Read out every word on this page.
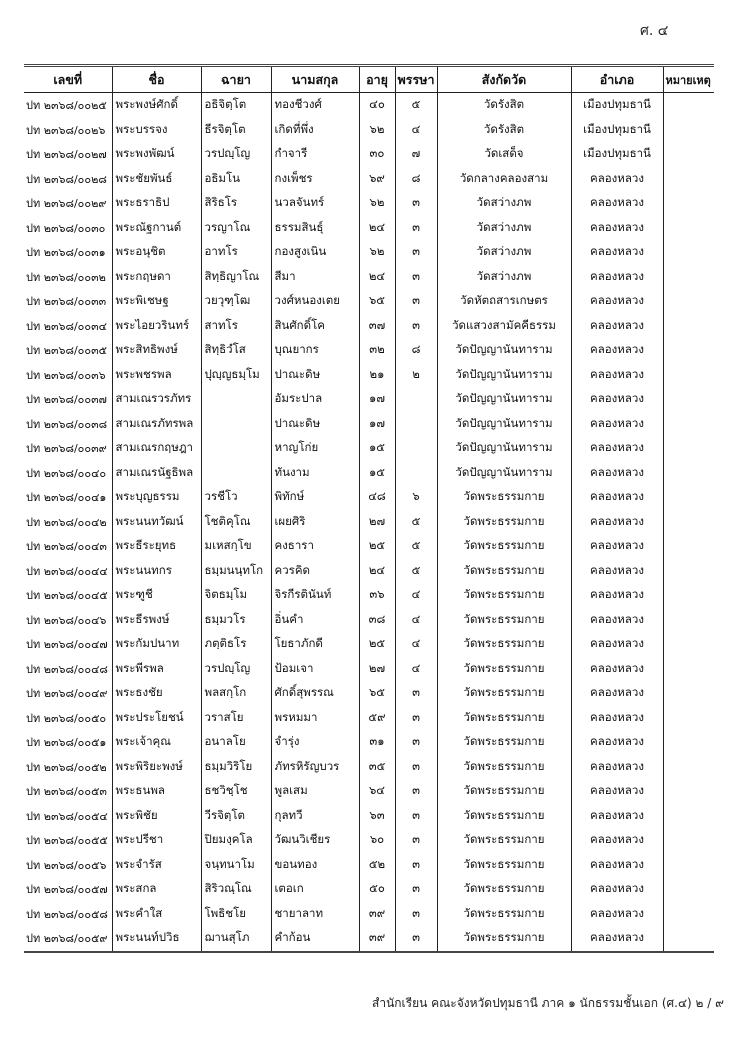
ศ. ๔
เลขที่	ชื่อ	ฉายา	นามสกุล	อายุ	พรรษา	สังกัดวัด	อำเภอ	หมายเหตุ
ปท ๒๓๖๘/๐๐๒๕	พระพงษ์ศักดิ์	อธิจิตฺโต	ทองชีวงศ์	๔๐	๕	วัดรังสิต	เมืองปทุมธานี	
ปท ๒๓๖๘/๐๐๒๖	พระบรรจง	ธีรจิตฺโต	เกิดที่พึ่ง	๖๒	๔	วัดรังสิต	เมืองปทุมธานี	
ปท ๒๓๖๘/๐๐๒๗	พระพงพัฒน์	วรปญฺโญ	กำจารี	๓๐	๗	วัดเสด็จ	เมืองปทุมธานี	
ปท ๒๓๖๘/๐๐๒๘	พระชัยพันธ์	อธิมโน	กงเพ็ชร	๖๙	๘	วัดกลางคลองสาม	คลองหลวง	
ปท ๒๓๖๘/๐๐๒๙	พระธราธิป	สิริธโร	นวลจันทร์	๖๒	๓	วัดสว่างภพ	คลองหลวง	
ปท ๒๓๖๘/๐๐๓๐	พระณัฐกานต์	วรญาโณ	ธรรมสินธุ์	๒๔	๓	วัดสว่างภพ	คลองหลวง	
ปท ๒๓๖๘/๐๐๓๑	พระอนุชิต	อาทโร	กองสูงเนิน	๖๒	๓	วัดสว่างภพ	คลองหลวง	
ปท ๒๓๖๘/๐๐๓๒	พระกฤษดา	สิทฺธิญาโณ	สีมา	๒๔	๓	วัดสว่างภพ	คลองหลวง	
ปท ๒๓๖๘/๐๐๓๓	พระพิเชษฐ	วยวุฑฺโฒ	วงศ์หนองเตย	๖๕	๓	วัดหัตถสารเกษตร	คลองหลวง	
ปท ๒๓๖๘/๐๐๓๔	พระไอยวรินทร์	สาทโร	สินศักดิ์โค	๓๗	๓	วัดแสวงสามัคคีธรรม	คลองหลวง	
ปท ๒๓๖๘/๐๐๓๕	พระสิทธิพงษ์	สิทฺธิวํโส	บุณยากร	๓๒	๘	วัดปัญญานันทาราม	คลองหลวง	
ปท ๒๓๖๘/๐๐๓๖	พระพชรพล	ปุญฺญธมฺโม	ปาณะดิษ	๒๑	๒	วัดปัญญานันทาราม	คลองหลวง	
ปท ๒๓๖๘/๐๐๓๗	สามเณรวรภัทร		อัมระปาล	๑๗		วัดปัญญานันทาราม	คลองหลวง	
ปท ๒๓๖๘/๐๐๓๘	สามเณรภัทรพล		ปาณะดิษ	๑๗		วัดปัญญานันทาราม	คลองหลวง	
ปท ๒๓๖๘/๐๐๓๙	สามเณรกฤษฎา		หาญโก่ย	๑๕		วัดปัญญานันทาราม	คลองหลวง	
ปท ๒๓๖๘/๐๐๔๐	สามเณรนัฐธิพล		ทันงาม	๑๕		วัดปัญญานันทาราม	คลองหลวง	
ปท ๒๓๖๘/๐๐๔๑	พระบุญธรรม	วรชีโว	พิทักษ์	๔๘	๖	วัดพระธรรมกาย	คลองหลวง	
ปท ๒๓๖๘/๐๐๔๒	พระนนทวัฒน์	โชติคุโณ	เผยศิริ	๒๗	๕	วัดพระธรรมกาย	คลองหลวง	
ปท ๒๓๖๘/๐๐๔๓	พระธีระยุทธ	มเหสกฺโข	คงธารา	๒๕	๕	วัดพระธรรมกาย	คลองหลวง	
ปท ๒๓๖๘/๐๐๔๔	พระนนทกร	ธมฺมนนฺทโก	ควรคิด	๒๔	๕	วัดพระธรรมกาย	คลองหลวง	
ปท ๒๓๖๘/๐๐๔๕	พระฑูชี	จิตธมฺโม	จิรกีรตินันท์	๓๖	๔	วัดพระธรรมกาย	คลองหลวง	
ปท ๒๓๖๘/๐๐๔๖	พระธีรพงษ์	ธมฺมวโร	อิ่นคำ	๓๘	๔	วัดพระธรรมกาย	คลองหลวง	
ปท ๒๓๖๘/๐๐๔๗	พระกัมปนาท	ภตฺติธโร	โยธาภักดี	๒๕	๔	วัดพระธรรมกาย	คลองหลวง	
ปท ๒๓๖๘/๐๐๔๘	พระพีรพล	วรปญฺโญ	ป้อมเจา	๒๗	๔	วัดพระธรรมกาย	คลองหลวง	
ปท ๒๓๖๘/๐๐๔๙	พระธงชัย	พลสกฺโก	ศักดิ์สุพรรณ	๖๕	๓	วัดพระธรรมกาย	คลองหลวง	
ปท ๒๓๖๘/๐๐๕๐	พระประโยชน์	วราสโย	พรหมมา	๕๙	๓	วัดพระธรรมกาย	คลองหลวง	
ปท ๒๓๖๘/๐๐๕๑	พระเจ้าคุณ	อนาลโย	จำรุ่ง	๓๑	๓	วัดพระธรรมกาย	คลองหลวง	
ปท ๒๓๖๘/๐๐๕๒	พระพิริยะพงษ์	ธมฺมวิริโย	ภัทรหิรัญบวร	๓๕	๓	วัดพระธรรมกาย	คลองหลวง	
ปท ๒๓๖๘/๐๐๕๓	พระธนพล	ธชวิชฺโช	พูลเสม	๖๔	๓	วัดพระธรรมกาย	คลองหลวง	
ปท ๒๓๖๘/๐๐๕๔	พระพิชัย	วีรจิตฺโต	กุลทวี	๖๓	๓	วัดพระธรรมกาย	คลองหลวง	
ปท ๒๓๖๘/๐๐๕๕	พระปรีชา	ปิยมงฺคโล	วัฒนวิเชียร	๖๐	๓	วัดพระธรรมกาย	คลองหลวง	
ปท ๒๓๖๘/๐๐๕๖	พระจำรัส	จนฺทนาโม	ขอนทอง	๕๒	๓	วัดพระธรรมกาย	คลองหลวง	
ปท ๒๓๖๘/๐๐๕๗	พระสกล	สิริวณฺโณ	เตอเก	๕๐	๓	วัดพระธรรมกาย	คลองหลวง	
ปท ๒๓๖๘/๐๐๕๘	พระคำใส	โพธิชโย	ชายาลาท	๓๙	๓	วัดพระธรรมกาย	คลองหลวง	
ปท ๒๓๖๘/๐๐๕๙	พระนนท์ปวิธ	ฌานสุโภ	คำก้อน	๓๙	๓	วัดพระธรรมกาย	คลองหลวง	
สำนักเรียน คณะจังหวัดปทุมธานี ภาค ๑ นักธรรมชั้นเอก (ศ.๔) ๒ / ๙
